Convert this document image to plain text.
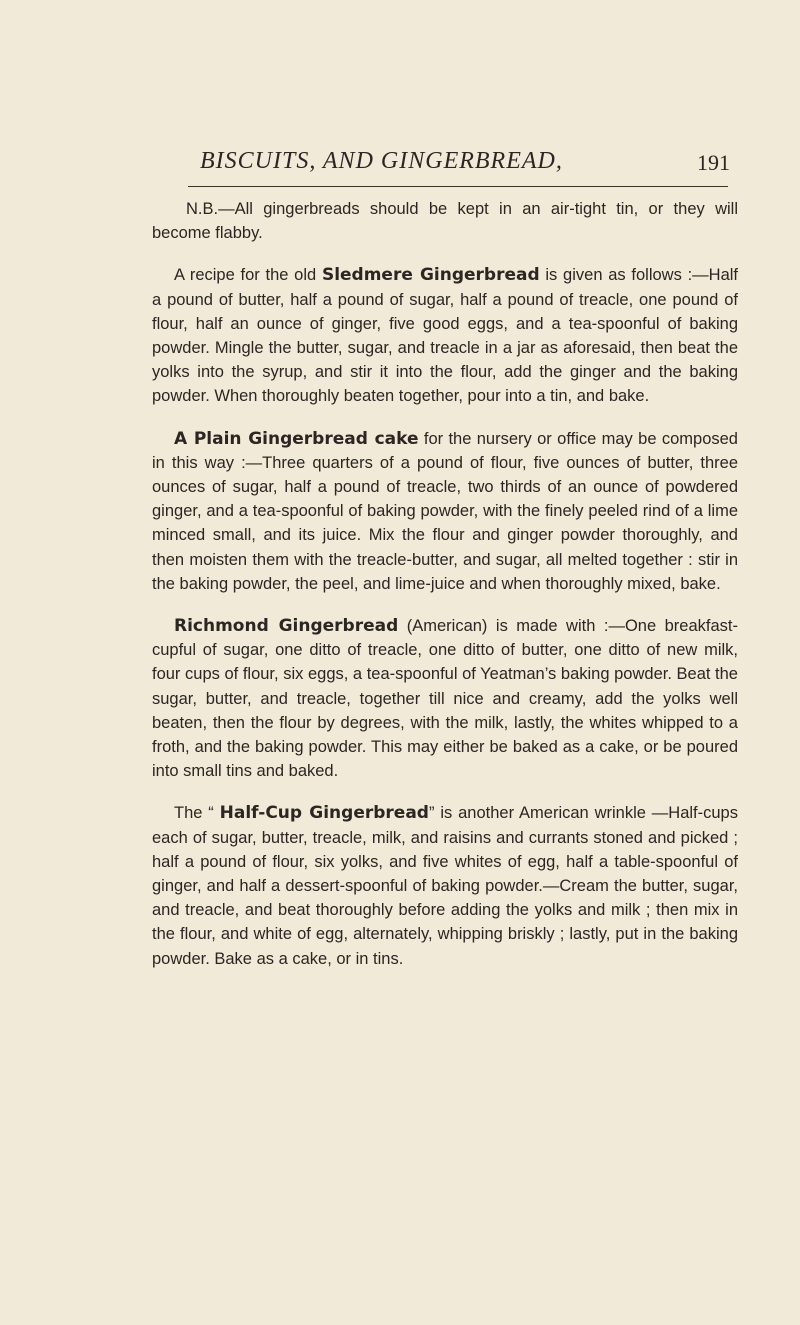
BISCUITS, AND GINGERBREAD,	191

N.B.—All gingerbreads should be kept in an air-tight tin, or they will become flabby.

A recipe for the old Sledmere Gingerbread is given as follows :—Half a pound of butter, half a pound of sugar, half a pound of treacle, one pound of flour, half an ounce of ginger, five good eggs, and a tea-spoonful of baking powder. Mingle the butter, sugar, and treacle in a jar as aforesaid, then beat the yolks into the syrup, and stir it into the flour, add the ginger and the baking powder. When thoroughly beaten together, pour into a tin, and bake.

A Plain Gingerbread cake for the nursery or office may be composed in this way :—Three quarters of a pound of flour, five ounces of butter, three ounces of sugar, half a pound of treacle, two thirds of an ounce of powdered ginger, and a tea-spoonful of baking powder, with the finely peeled rind of a lime minced small, and its juice. Mix the flour and ginger powder thoroughly, and then moisten them with the treacle-butter, and sugar, all melted together : stir in the baking powder, the peel, and lime-juice and when thoroughly mixed, bake.

Richmond Gingerbread (American) is made with :—One breakfast-cupful of sugar, one ditto of treacle, one ditto of butter, one ditto of new milk, four cups of flour, six eggs, a tea-spoonful of Yeatman’s baking powder. Beat the sugar, butter, and treacle, together till nice and creamy, add the yolks well beaten, then the flour by degrees, with the milk, lastly, the whites whipped to a froth, and the baking powder. This may either be baked as a cake, or be poured into small tins and baked.

The “ Half-Cup Gingerbread” is another American wrinkle —Half-cups each of sugar, butter, treacle, milk, and raisins and currants stoned and picked ; half a pound of flour, six yolks, and five whites of egg, half a table-spoonful of ginger, and half a dessert-spoonful of baking powder.—Cream the butter, sugar, and treacle, and beat thoroughly before adding the yolks and milk ; then mix in the flour, and white of egg, alternately, whipping briskly ; lastly, put in the baking powder. Bake as a cake, or in tins.
